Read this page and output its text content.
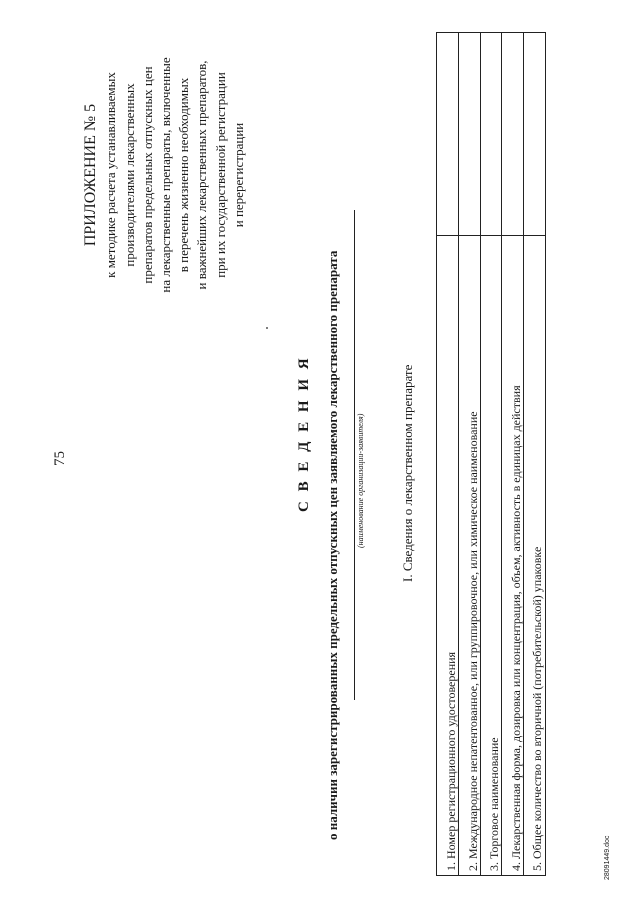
75
ПРИЛОЖЕНИЕ № 5 к методике расчета устанавливаемых производителями лекарственных препаратов предельных отпускных цен на лекарственные препараты, включенные в перечень жизненно необходимых и важнейших лекарственных препаратов, при их государственной регистрации и перерегистрации
С В Е Д Е Н И Я о наличии зарегистрированных предельных отпускных цен заявляемого лекарственного препарата (наименование организации-заявителя)	I. Сведения о лекарственном препарате
1. Номер регистрационного удостоверения 2. Международное непатентованное, или группировочное, или химическое наименование 3. Торговое наименование 4. Лекарственная форма, дозировка или концентрация, объем, активность в единицах действия 5. Общее количество во вторичной (потребительской) упаковке	28091449.doc
